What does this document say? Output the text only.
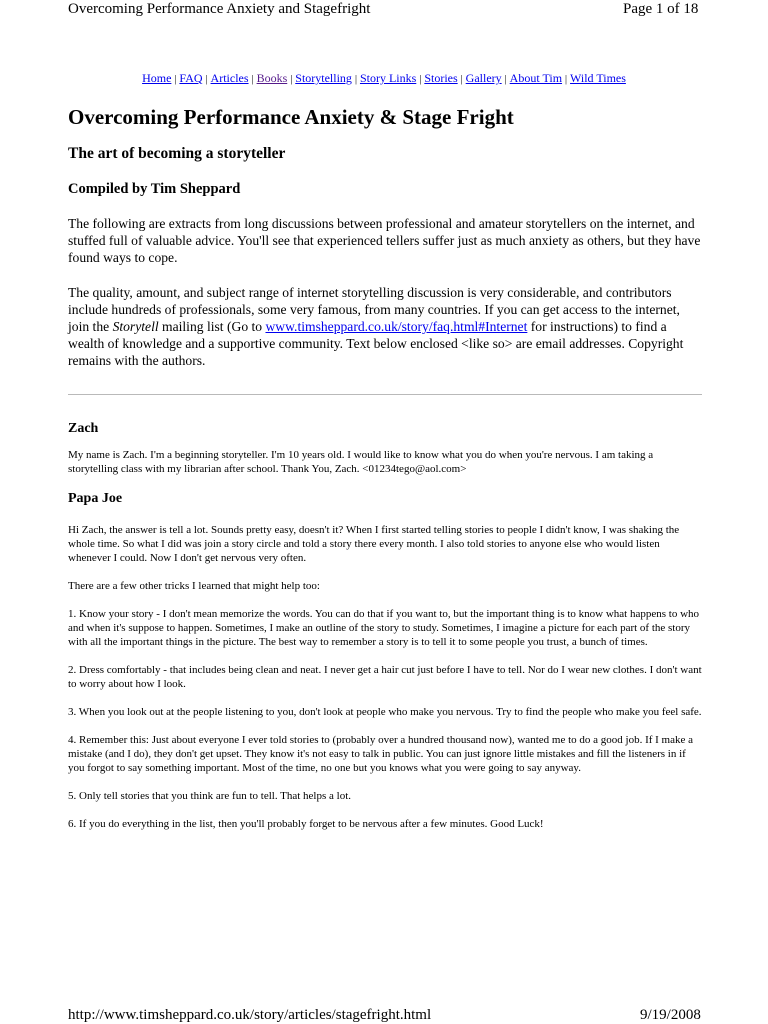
Overcoming Performance Anxiety and Stagefright	Page 1 of 18
Home | FAQ | Articles | Books | Storytelling | Story Links | Stories | Gallery | About Tim | Wild Times
Overcoming Performance Anxiety & Stage Fright
The art of becoming a storyteller
Compiled by Tim Sheppard

The following are extracts from long discussions between professional and amateur storytellers on the internet, and stuffed full of valuable advice. You'll see that experienced tellers suffer just as much anxiety as others, but they have found ways to cope.

The quality, amount, and subject range of internet storytelling discussion is very considerable, and contributors include hundreds of professionals, some very famous, from many countries. If you can get access to the internet, join the Storytell mailing list (Go to www.timsheppard.co.uk/story/faq.html#Internet for instructions) to find a wealth of knowledge and a supportive community. Text below enclosed <like so> are email addresses. Copyright remains with the authors.

Zach

My name is Zach. I'm a beginning storyteller. I'm 10 years old. I would like to know what you do when you're nervous. I am taking a storytelling class with my librarian after school. Thank You, Zach. <01234tego@aol.com>

Papa Joe

Hi Zach, the answer is tell a lot. Sounds pretty easy, doesn't it? When I first started telling stories to people I didn't know, I was shaking the whole time. So what I did was join a story circle and told a story there every month. I also told stories to anyone else who would listen whenever I could. Now I don't get nervous very often.

There are a few other tricks I learned that might help too:

1. Know your story - I don't mean memorize the words. You can do that if you want to, but the important thing is to know what happens to who and when it's suppose to happen. Sometimes, I make an outline of the story to study. Sometimes, I imagine a picture for each part of the story with all the important things in the picture. The best way to remember a story is to tell it to some people you trust, a bunch of times.

2. Dress comfortably - that includes being clean and neat. I never get a hair cut just before I have to tell. Nor do I wear new clothes. I don't want to worry about how I look.

3. When you look out at the people listening to you, don't look at people who make you nervous. Try to find the people who make you feel safe.

4. Remember this: Just about everyone I ever told stories to (probably over a hundred thousand now), wanted me to do a good job. If I make a mistake (and I do), they don't get upset. They know it's not easy to talk in public. You can just ignore little mistakes and fill the listeners in if you forgot to say something important. Most of the time, no one but you knows what you were going to say anyway.

5. Only tell stories that you think are fun to tell. That helps a lot.

6. If you do everything in the list, then you'll probably forget to be nervous after a few minutes. Good Luck!

http://www.timsheppard.co.uk/story/articles/stagefright.html	9/19/2008
